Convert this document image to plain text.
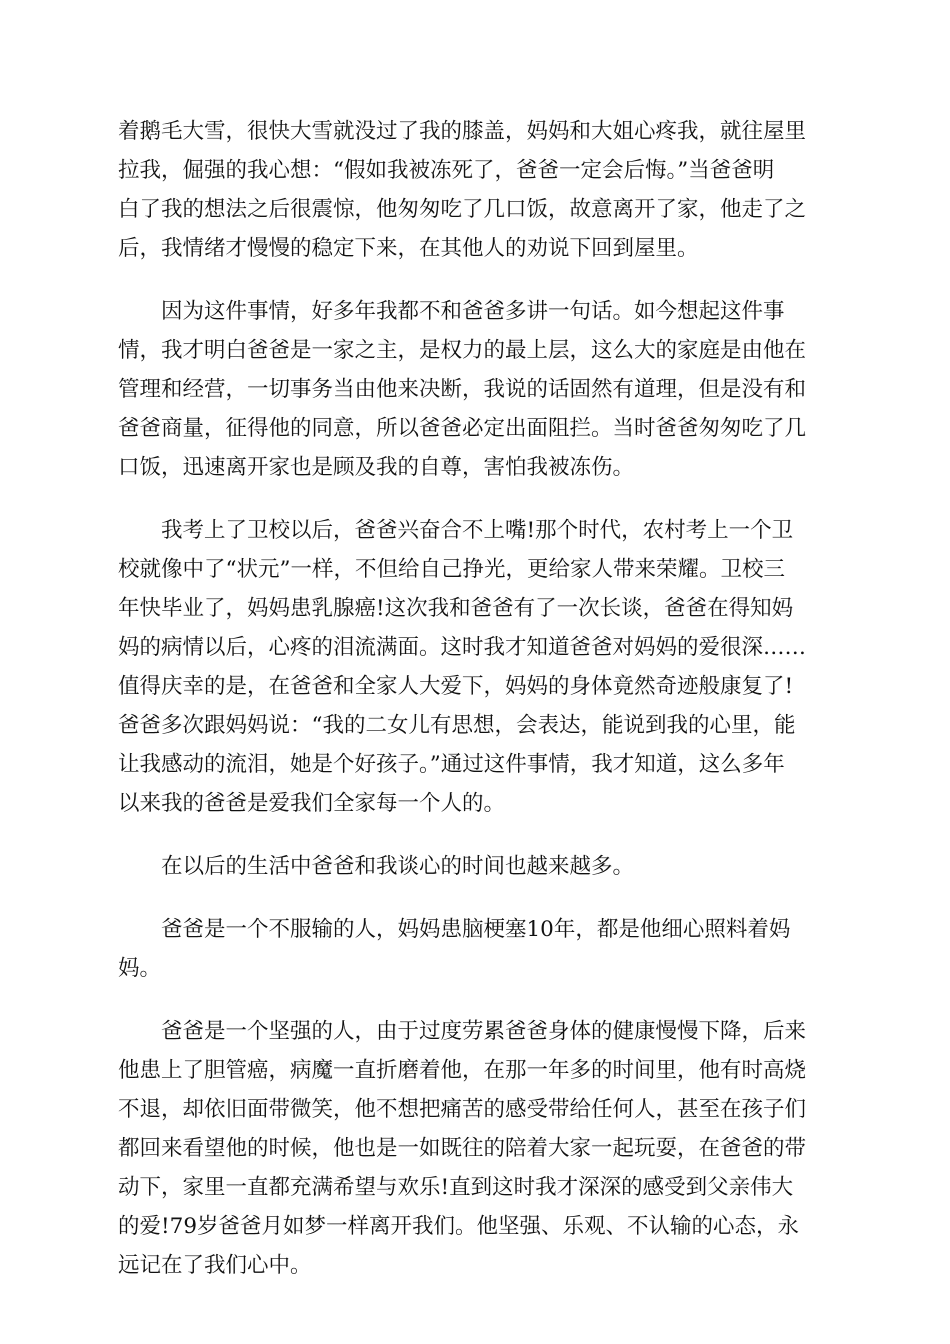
着鹅毛大雪，很快大雪就没过了我的膝盖，妈妈和大姐心疼我，就往屋里
拉我，倔强的我心想：“假如我被冻死了，爸爸一定会后悔。”当爸爸明
白了我的想法之后很震惊，他匆匆吃了几口饭，故意离开了家，他走了之
后，我情绪才慢慢的稳定下来，在其他人的劝说下回到屋里。

因为这件事情，好多年我都不和爸爸多讲一句话。如今想起这件事
情，我才明白爸爸是一家之主，是权力的最上层，这么大的家庭是由他在
管理和经营，一切事务当由他来决断，我说的话固然有道理，但是没有和
爸爸商量，征得他的同意，所以爸爸必定出面阻拦。当时爸爸匆匆吃了几
口饭，迅速离开家也是顾及我的自尊，害怕我被冻伤。

我考上了卫校以后，爸爸兴奋合不上嘴!那个时代，农村考上一个卫
校就像中了“状元”一样，不但给自己挣光，更给家人带来荣耀。卫校三
年快毕业了，妈妈患乳腺癌!这次我和爸爸有了一次长谈，爸爸在得知妈
妈的病情以后，心疼的泪流满面。这时我才知道爸爸对妈妈的爱很深……
值得庆幸的是，在爸爸和全家人大爱下，妈妈的身体竟然奇迹般康复了!
爸爸多次跟妈妈说：“我的二女儿有思想，会表达，能说到我的心里，能
让我感动的流泪，她是个好孩子。”通过这件事情，我才知道，这么多年
以来我的爸爸是爱我们全家每一个人的。

在以后的生活中爸爸和我谈心的时间也越来越多。

爸爸是一个不服输的人，妈妈患脑梗塞10年，都是他细心照料着妈
妈。

爸爸是一个坚强的人，由于过度劳累爸爸身体的健康慢慢下降，后来
他患上了胆管癌，病魔一直折磨着他，在那一年多的时间里，他有时高烧
不退，却依旧面带微笑，他不想把痛苦的感受带给任何人，甚至在孩子们
都回来看望他的时候，他也是一如既往的陪着大家一起玩耍，在爸爸的带
动下，家里一直都充满希望与欢乐!直到这时我才深深的感受到父亲伟大
的爱!79岁爸爸月如梦一样离开我们。他坚强、乐观、不认输的心态，永
远记在了我们心中。
